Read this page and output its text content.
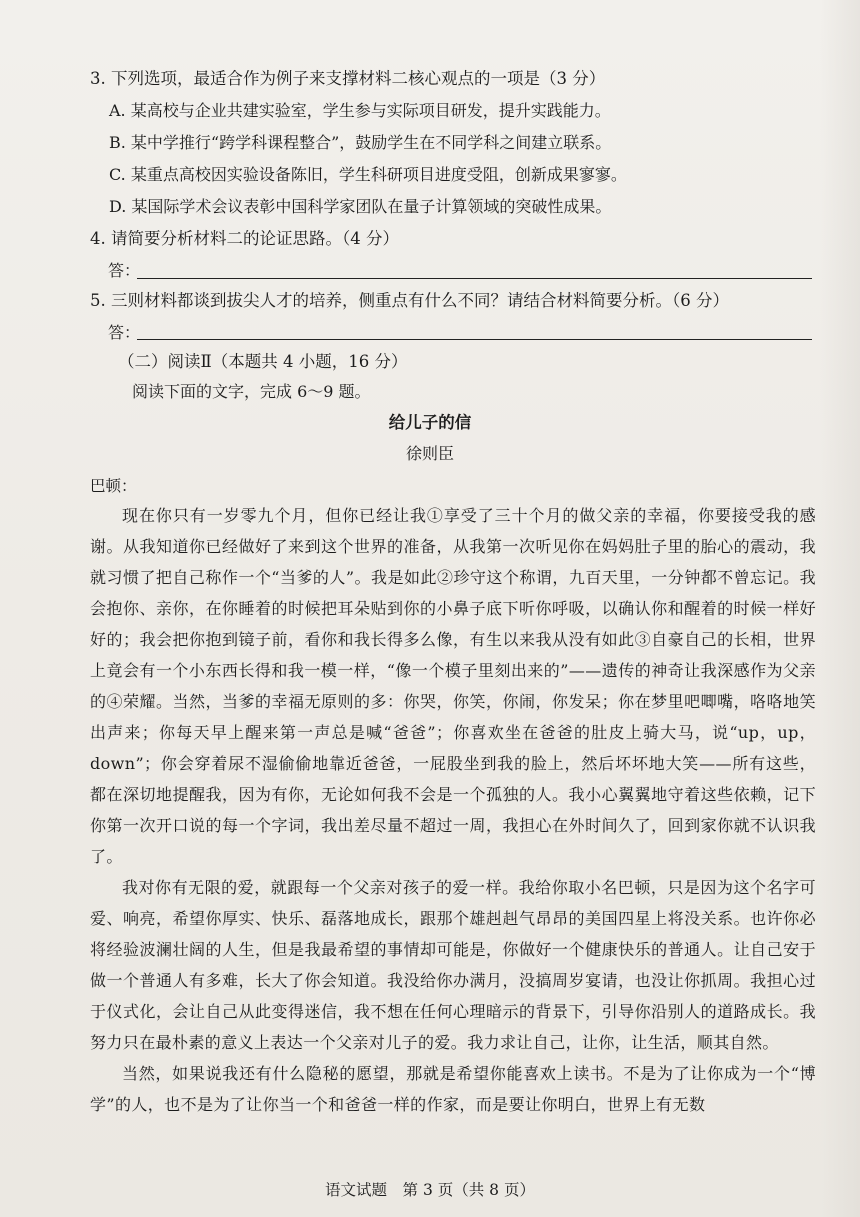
3. 下列选项，最适合作为例子来支撑材料二核心观点的一项是（3 分）
A. 某高校与企业共建实验室，学生参与实际项目研发，提升实践能力。
B. 某中学推行“跨学科课程整合”，鼓励学生在不同学科之间建立联系。
C. 某重点高校因实验设备陈旧，学生科研项目进度受阻，创新成果寥寥。
D. 某国际学术会议表彰中国科学家团队在量子计算领域的突破性成果。
4. 请简要分析材料二的论证思路。（4 分）
答：
5. 三则材料都谈到拔尖人才的培养，侧重点有什么不同？请结合材料简要分析。（6 分）
答：
（二）阅读Ⅱ（本题共 4 小题，16 分）
阅读下面的文字，完成 6～9 题。
给儿子的信
徐则臣
巴顿：

现在你只有一岁零九个月，但你已经让我①享受了三十个月的做父亲的幸福，你要接受我的感谢。从我知道你已经做好了来到这个世界的准备，从我第一次听见你在妈妈肚子里的胎心的震动，我就习惯了把自己称作一个“当爹的人”。我是如此②珍守这个称谓，九百天里，一分钟都不曾忘记。我会抱你、亲你，在你睡着的时候把耳朵贴到你的小鼻子底下听你呼吸，以确认你和醒着的时候一样好好的；我会把你抱到镜子前，看你和我长得多么像，有生以来我从没有如此③自豪自己的长相，世界上竟会有一个小东西长得和我一模一样，“像一个模子里刻出来的”——遗传的神奇让我深感作为父亲的④荣耀。当然，当爹的幸福无原则的多：你哭，你笑，你闹，你发呆；你在梦里吧唧嘴，咯咯地笑出声来；你每天早上醒来第一声总是喊“爸爸”；你喜欢坐在爸爸的肚皮上骑大马，说“up，up，down”；你会穿着尿不湿偷偷地靠近爸爸，一屁股坐到我的脸上，然后坏坏地大笑——所有这些，都在深切地提醒我，因为有你，无论如何我不会是一个孤独的人。我小心翼翼地守着这些依赖，记下你第一次开口说的每一个字词，我出差尽量不超过一周，我担心在外时间久了，回到家你就不认识我了。

我对你有无限的爱，就跟每一个父亲对孩子的爱一样。我给你取小名巴顿，只是因为这个名字可爱、响亮，希望你厚实、快乐、磊落地成长，跟那个雄赳赳气昂昂的美国四星上将没关系。也许你必将经验波澜壮阔的人生，但是我最希望的事情却可能是，你做好一个健康快乐的普通人。让自己安于做一个普通人有多难，长大了你会知道。我没给你办满月，没搞周岁宴请，也没让你抓周。我担心过于仪式化，会让自己从此变得迷信，我不想在任何心理暗示的背景下，引导你沿别人的道路成长。我努力只在最朴素的意义上表达一个父亲对儿子的爱。我力求让自己，让你，让生活，顺其自然。

当然，如果说我还有什么隐秘的愿望，那就是希望你能喜欢上读书。不是为了让你成为一个“博学”的人，也不是为了让你当一个和爸爸一样的作家，而是要让你明白，世界上有无数

语文试题　第 3 页（共 8 页）
